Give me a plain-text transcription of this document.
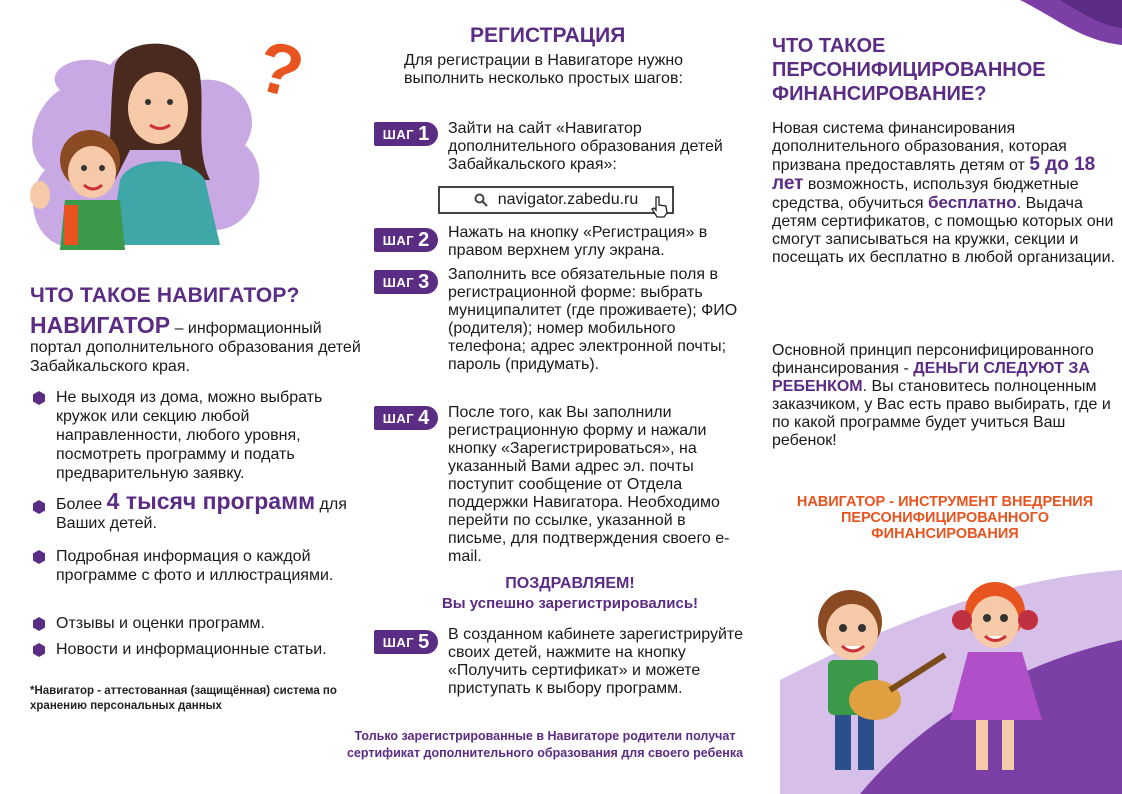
?
ЧТО ТАКОЕ НАВИГАТОР?
НАВИГАТОР – информационный портал дополнительного образования детей Забайкальского края.
Не выходя из дома, можно выбрать кружок или секцию любой направленности, любого уровня, посмотреть программу и подать предварительную заявку.
Более 4 тысяч программ для Ваших детей.
Подробная информация о каждой программе с фото и иллюстрациями.
Отзывы и оценки программ.
Новости и информационные статьи.
*Навигатор - аттестованная (защищённая) система по хранению персональных данных
РЕГИСТРАЦИЯ
Для регистрации в Навигаторе нужно выполнить несколько простых шагов:
ШАГ 1 Зайти на сайт «Навигатор дополнительного образования детей Забайкальского края»:
navigator.zabedu.ru
ШАГ 2 Нажать на кнопку «Регистрация» в правом верхнем углу экрана.
ШАГ 3 Заполнить все обязательные поля в регистрационной форме: выбрать муниципалитет (где проживаете); ФИО (родителя); номер мобильного телефона; адрес электронной почты; пароль (придумать).
ШАГ 4 После того, как Вы заполнили регистрационную форму и нажали кнопку «Зарегистрироваться», на указанный Вами адрес эл. почты поступит сообщение от Отдела поддержки Навигатора. Необходимо перейти по ссылке, указанной в письме, для подтверждения своего e-mail.
ПОЗДРАВЛЯЕМ!
Вы успешно зарегистрировались!
ШАГ 5 В созданном кабинете зарегистрируйте своих детей, нажмите на кнопку «Получить сертификат» и можете приступать к выбору программ.
Только зарегистрированные в Навигаторе родители получат сертификат дополнительного образования для своего ребенка
ЧТО ТАКОЕ ПЕРСОНИФИЦИРОВАННОЕ ФИНАНСИРОВАНИЕ?
Новая система финансирования дополнительного образования, которая призвана предоставлять детям от 5 до 18 лет возможность, используя бюджетные средства, обучиться бесплатно. Выдача детям сертификатов, с помощью которых они смогут записываться на кружки, секции и посещать их бесплатно в любой организации.
Основной принцип персонифицированного финансирования - ДЕНЬГИ СЛЕДУЮТ ЗА РЕБЕНКОМ. Вы становитесь полноценным заказчиком, у Вас есть право выбирать, где и по какой программе будет учиться Ваш ребенок!
НАВИГАТОР - ИНСТРУМЕНТ ВНЕДРЕНИЯ ПЕРСОНИФИЦИРОВАННОГО ФИНАНСИРОВАНИЯ
